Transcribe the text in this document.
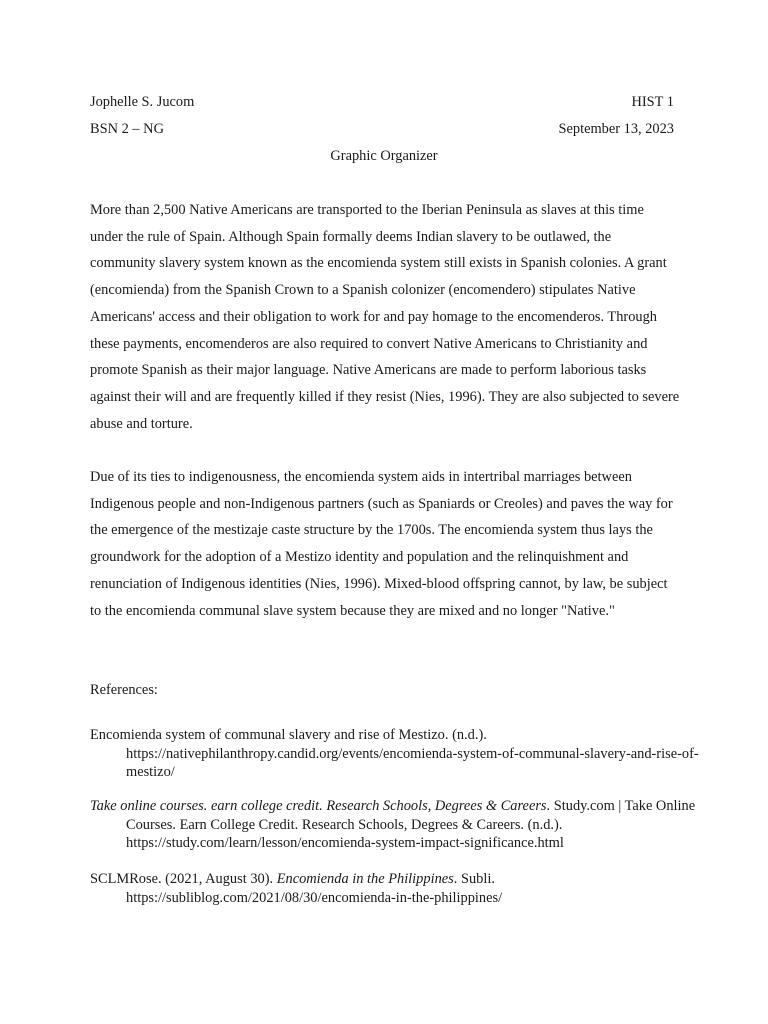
Jophelle S. Jucom	HIST 1
BSN 2 – NG	September 13, 2023
Graphic Organizer

More than 2,500 Native Americans are transported to the Iberian Peninsula as slaves at this time under the rule of Spain. Although Spain formally deems Indian slavery to be outlawed, the community slavery system known as the encomienda system still exists in Spanish colonies. A grant (encomienda) from the Spanish Crown to a Spanish colonizer (encomendero) stipulates Native Americans' access and their obligation to work for and pay homage to the encomenderos. Through these payments, encomenderos are also required to convert Native Americans to Christianity and promote Spanish as their major language. Native Americans are made to perform laborious tasks against their will and are frequently killed if they resist (Nies, 1996). They are also subjected to severe abuse and torture.

Due of its ties to indigenousness, the encomienda system aids in intertribal marriages between Indigenous people and non-Indigenous partners (such as Spaniards or Creoles) and paves the way for the emergence of the mestizaje caste structure by the 1700s. The encomienda system thus lays the groundwork for the adoption of a Mestizo identity and population and the relinquishment and renunciation of Indigenous identities (Nies, 1996). Mixed-blood offspring cannot, by law, be subject to the encomienda communal slave system because they are mixed and no longer "Native."

References:

Encomienda system of communal slavery and rise of Mestizo. (n.d.). https://nativephilanthropy.candid.org/events/encomienda-system-of-communal-slavery-and-rise-of-mestizo/

Take online courses. earn college credit. Research Schools, Degrees & Careers. Study.com | Take Online Courses. Earn College Credit. Research Schools, Degrees & Careers. (n.d.). https://study.com/learn/lesson/encomienda-system-impact-significance.html

SCLMRose. (2021, August 30). Encomienda in the Philippines. Subli. https://subliblog.com/2021/08/30/encomienda-in-the-philippines/
